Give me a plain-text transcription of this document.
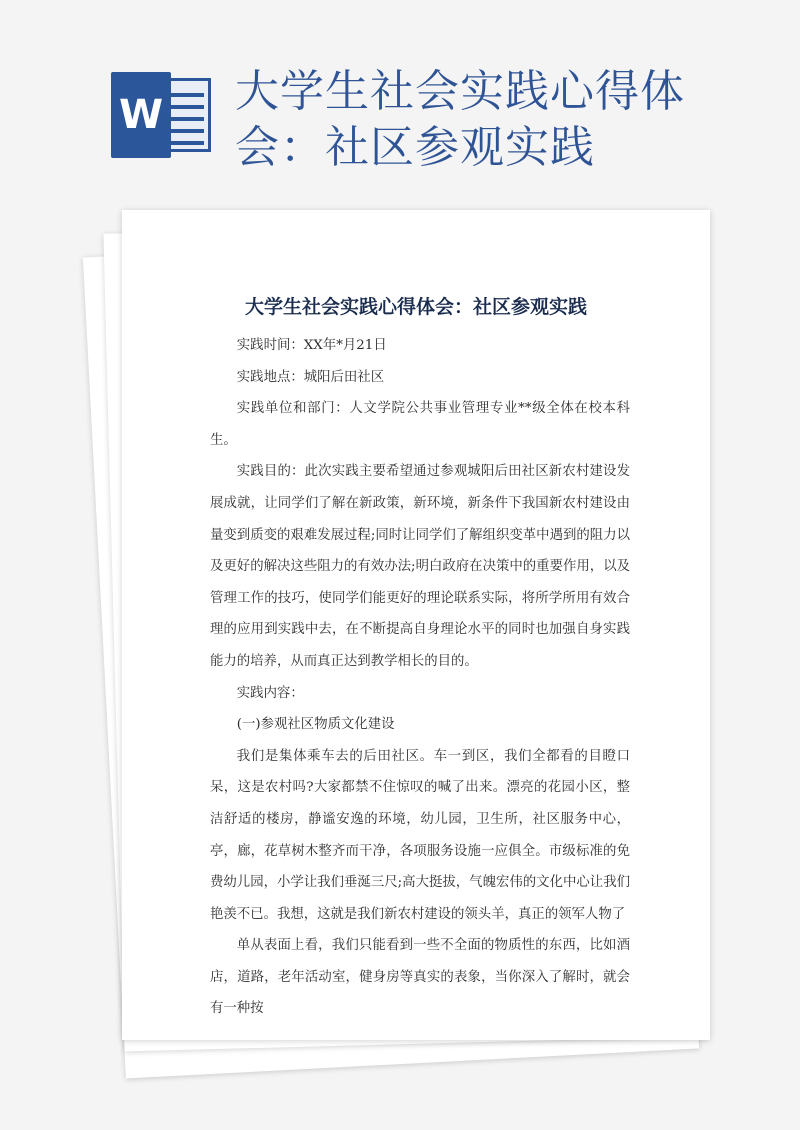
W 大学生社会实践心得体会：社区参观实践
大学生社会实践心得体会：社区参观实践

实践时间：XX年*月21日

实践地点：城阳后田社区

实践单位和部门：人文学院公共事业管理专业**级全体在校本科生。

实践目的：此次实践主要希望通过参观城阳后田社区新农村建设发展成就，让同学们了解在新政策，新环境，新条件下我国新农村建设由量变到质变的艰难发展过程;同时让同学们了解组织变革中遇到的阻力以及更好的解决这些阻力的有效办法;明白政府在决策中的重要作用，以及管理工作的技巧，使同学们能更好的理论联系实际，将所学所用有效合理的应用到实践中去，在不断提高自身理论水平的同时也加强自身实践能力的培养，从而真正达到教学相长的目的。

实践内容：

(一)参观社区物质文化建设

我们是集体乘车去的后田社区。车一到区，我们全都看的目瞪口呆，这是农村吗?大家都禁不住惊叹的喊了出来。漂亮的花园小区，整洁舒适的楼房，静谧安逸的环境，幼儿园，卫生所，社区服务中心，亭，廊，花草树木整齐而干净，各项服务设施一应俱全。市级标准的免费幼儿园，小学让我们垂涎三尺;高大挺拔，气魄宏伟的文化中心让我们艳羡不已。我想，这就是我们新农村建设的领头羊，真正的领军人物了

单从表面上看，我们只能看到一些不全面的物质性的东西，比如酒店，道路，老年活动室，健身房等真实的表象，当你深入了解时，就会有一种按
